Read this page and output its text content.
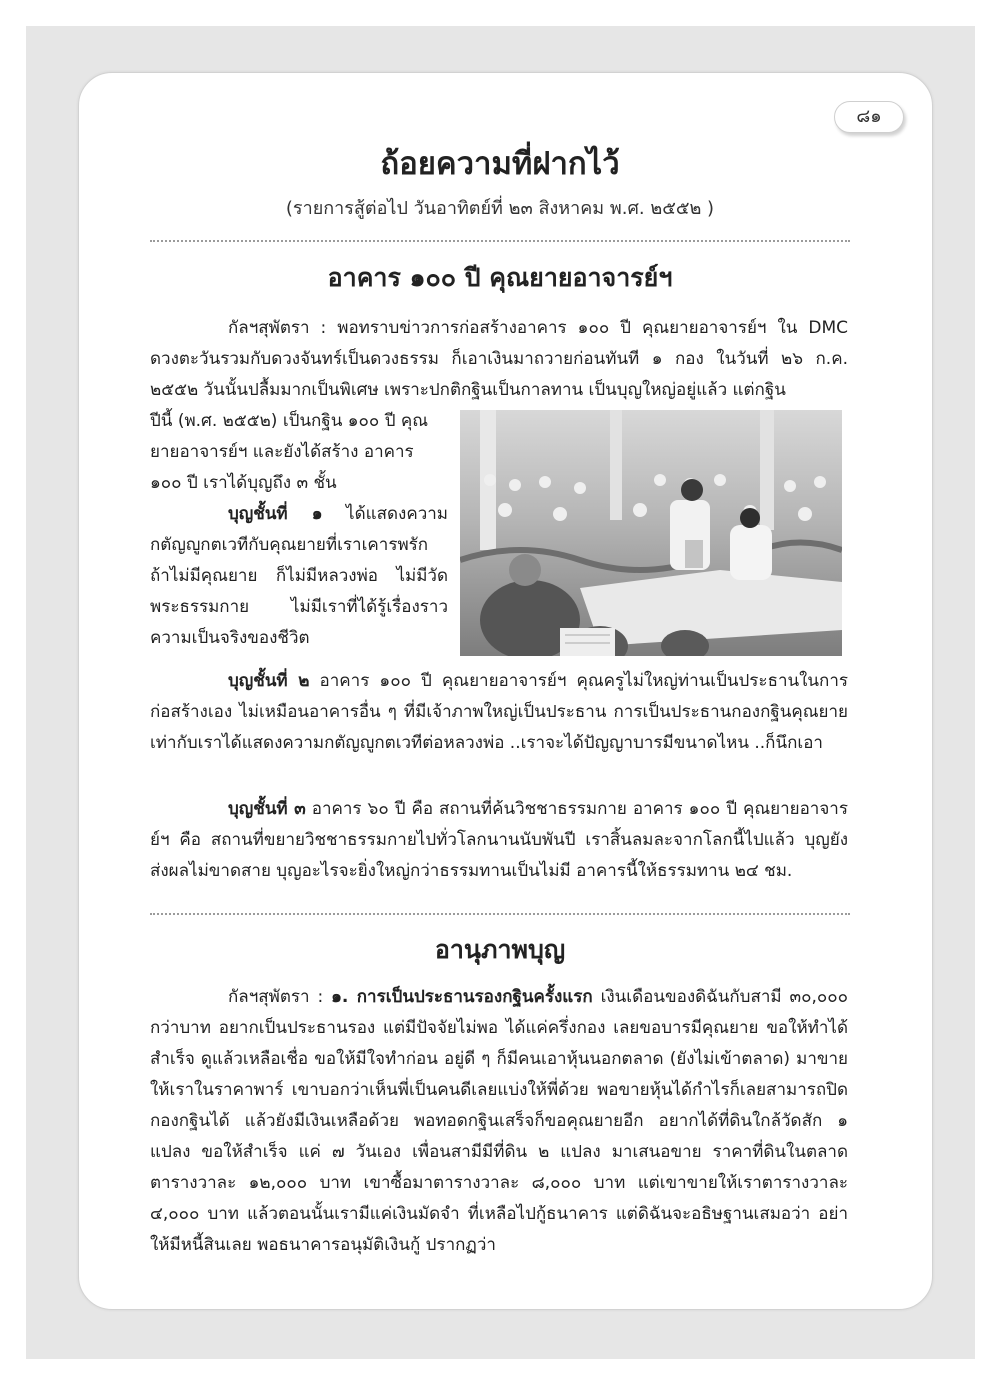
๘๑
ถ้อยความที่ฝากไว้
(รายการสู้ต่อไป วันอาทิตย์ที่ ๒๓ สิงหาคม พ.ศ. ๒๕๕๒ )
อาคาร ๑๐๐ ปี คุณยายอาจารย์ฯ

กัลฯสุพัตรา : พอทราบข่าวการก่อสร้างอาคาร ๑๐๐ ปี คุณยายอาจารย์ฯ ใน DMC ดวงตะวันรวมกับดวงจันทร์เป็นดวงธรรม ก็เอาเงินมาถวายก่อนทันที ๑ กอง ในวันที่ ๒๖ ก.ค. ๒๕๕๒ วันนั้นปลื้มมากเป็นพิเศษ เพราะปกติกฐินเป็นกาลทาน เป็นบุญใหญ่อยู่แล้ว แต่กฐิน

ปีนี้ (พ.ศ. ๒๕๕๒) เป็นกฐิน ๑๐๐ ปี คุณยายอาจารย์ฯ และยังได้สร้าง อาคาร ๑๐๐ ปี เราได้บุญถึง ๓ ชั้น

บุญชั้นที่ ๑ ได้แสดงความกตัญญูกตเวทีกับคุณยายที่เราเคารพรัก ถ้าไม่มีคุณยาย ก็ไม่มีหลวงพ่อ ไม่มีวัดพระธรรมกาย ไม่มีเราที่ได้รู้เรื่องราวความเป็นจริงของชีวิต

บุญชั้นที่ ๒ อาคาร ๑๐๐ ปี คุณยายอาจารย์ฯ คุณครูไม่ใหญ่ท่านเป็นประธานในการก่อสร้างเอง ไม่เหมือนอาคารอื่น ๆ ที่มีเจ้าภาพใหญ่เป็นประธาน การเป็นประธานกองกฐินคุณยาย เท่ากับเราได้แสดงความกตัญญูกตเวทีต่อหลวงพ่อ ..เราจะได้ปัญญาบารมีขนาดไหน ..ก็นึกเอา

บุญชั้นที่ ๓ อาคาร ๖๐ ปี คือ สถานที่ค้นวิชชาธรรมกาย อาคาร ๑๐๐ ปี คุณยายอาจารย์ฯ คือ สถานที่ขยายวิชชาธรรมกายไปทั่วโลกนานนับพันปี เราสิ้นลมละจากโลกนี้ไปแล้ว บุญยังส่งผลไม่ขาดสาย บุญอะไรจะยิ่งใหญ่กว่าธรรมทานเป็นไม่มี อาคารนี้ให้ธรรมทาน ๒๔ ชม.

อานุภาพบุญ

กัลฯสุพัตรา : ๑. การเป็นประธานรองกฐินครั้งแรก เงินเดือนของดิฉันกับสามี ๓๐,๐๐๐ กว่าบาท อยากเป็นประธานรอง แต่มีปัจจัยไม่พอ ได้แค่ครึ่งกอง เลยขอบารมีคุณยาย ขอให้ทำได้สำเร็จ ดูแล้วเหลือเชื่อ ขอให้มีใจทำก่อน อยู่ดี ๆ ก็มีคนเอาหุ้นนอกตลาด (ยังไม่เข้าตลาด) มาขายให้เราในราคาพาร์ เขาบอกว่าเห็นพี่เป็นคนดีเลยแบ่งให้พี่ด้วย พอขายหุ้นได้กำไรก็เลยสามารถปิดกองกฐินได้ แล้วยังมีเงินเหลือด้วย พอทอดกฐินเสร็จก็ขอคุณยายอีก อยากได้ที่ดินใกล้วัดสัก ๑ แปลง ขอให้สำเร็จ แค่ ๗ วันเอง เพื่อนสามีมีที่ดิน ๒ แปลง มาเสนอขาย ราคาที่ดินในตลาด ตารางวาละ ๑๒,๐๐๐ บาท เขาซื้อมาตารางวาละ ๘,๐๐๐ บาท แต่เขาขายให้เราตารางวาละ ๔,๐๐๐ บาท แล้วตอนนั้นเรามีแค่เงินมัดจำ ที่เหลือไปกู้ธนาคาร แต่ดิฉันจะอธิษฐานเสมอว่า อย่าให้มีหนี้สินเลย พอธนาคารอนุมัติเงินกู้ ปรากฏว่า
